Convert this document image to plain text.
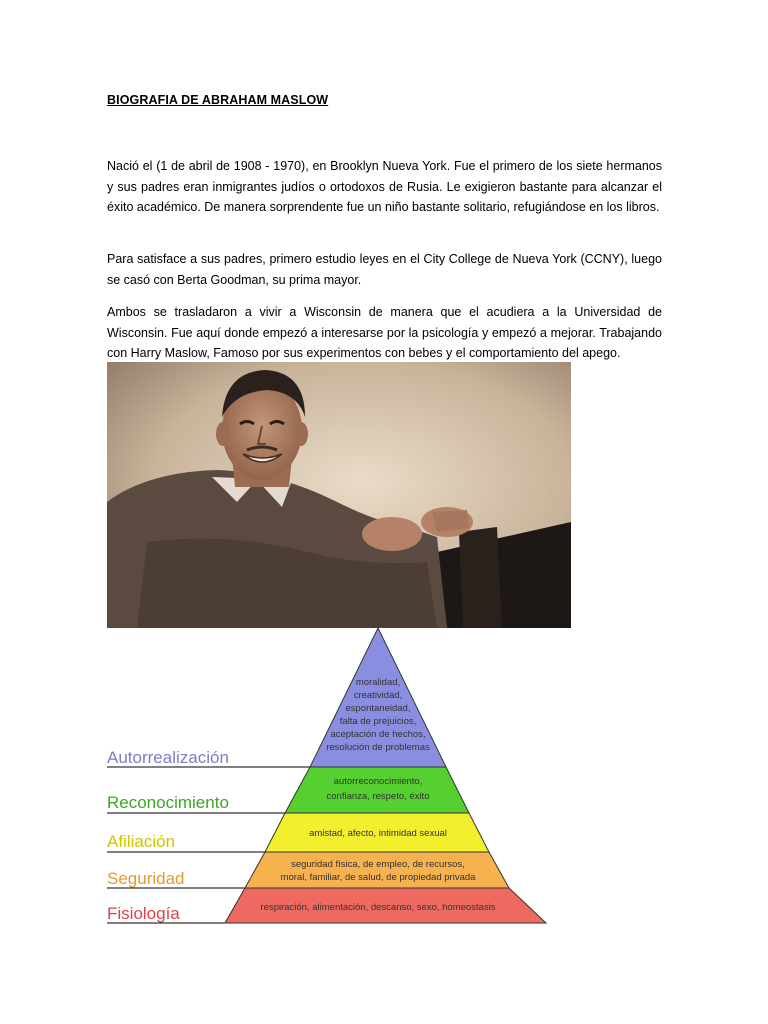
BIOGRAFIA DE ABRAHAM MASLOW
Nació el (1 de abril de 1908 - 1970), en Brooklyn Nueva York. Fue el primero de los siete hermanos y sus padres eran inmigrantes judíos o ortodoxos de Rusia. Le exigieron bastante para alcanzar el éxito académico. De manera sorprendente fue un niño bastante solitario, refugiándose en los libros.
Para satisface a sus padres, primero estudio leyes en el City College de Nueva York (CCNY), luego se casó con Berta Goodman, su prima mayor.
Ambos se trasladaron a vivir a Wisconsin de manera que el acudiera a la Universidad de Wisconsin. Fue aquí donde empezó a interesarse por la psicología y empezó a mejorar. Trabajando con Harry Maslow, Famoso por sus experimentos con bebes y el comportamiento del apego.
Autorrealización
Reconocimiento
Afiliación
Seguridad
Fisiología
moralidad,
creatividad,
espontaneidad,
falta de prejuicios,
aceptación de hechos,
resolución de problemas
autorreconocimiento,
confianza, respeto, éxito
amistad, afecto, intimidad sexual
seguridad física, de empleo, de recursos,
moral, familiar, de salud, de propiedad privada
respiración, alimentación, descanso, sexo, homeostasis
